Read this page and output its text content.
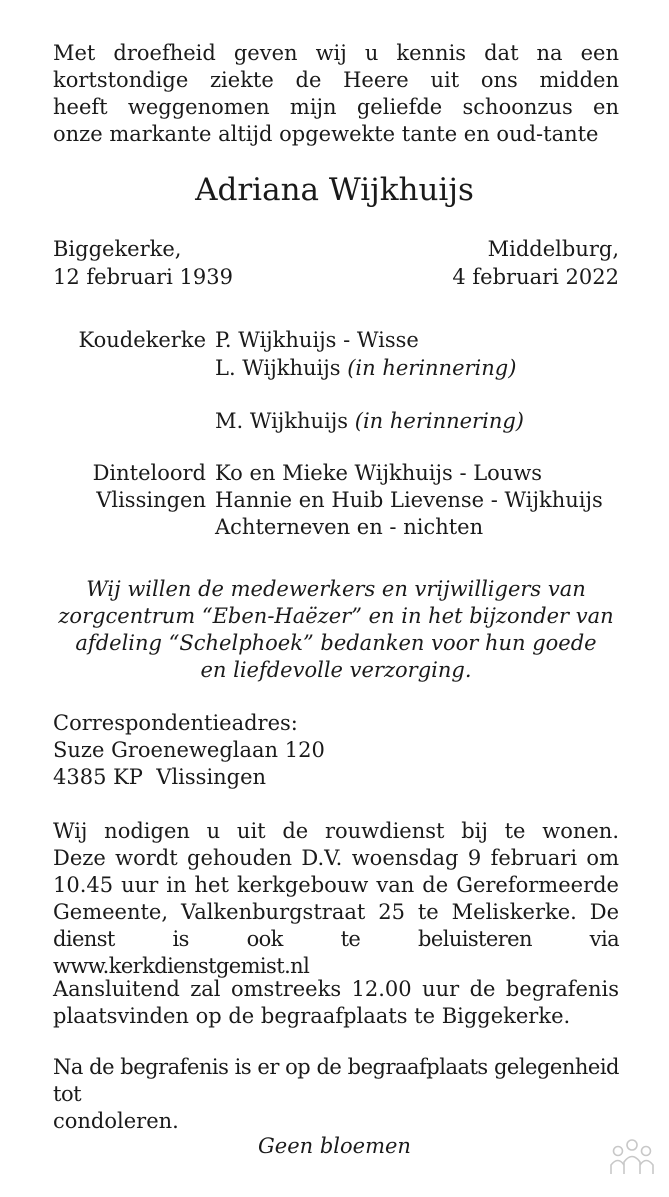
Met droefheid geven wij u kennis dat na een
kortstondige ziekte de Heere uit ons midden
heeft weggenomen mijn geliefde schoonzus en
onze markante altijd opgewekte tante en oud-tante

Adriana Wijkhuijs
Biggekerke,
12 februari 1939
Middelburg,
4 februari 2022
Koudekerke P. Wijkhuijs - Wisse
L. Wijkhuijs (in herinnering)
M. Wijkhuijs (in herinnering)
Dinteloord Ko en Mieke Wijkhuijs - Louws
Vlissingen Hannie en Huib Lievense - Wijkhuijs
Achterneven en - nichten

Wij willen de medewerkers en vrijwilligers van
zorgcentrum “Eben-Haëzer” en in het bijzonder van
afdeling “Schelphoek” bedanken voor hun goede
en liefdevolle verzorging.

Correspondentieadres:
Suze Groeneweglaan 120
4385 KP  Vlissingen

Wij nodigen u uit de rouwdienst bij te wonen.
Deze wordt gehouden D.V. woensdag 9 februari om
10.45 uur in het kerkgebouw van de Gereformeerde
Gemeente, Valkenburgstraat 25 te Meliskerke. De
dienst is ook te beluisteren via www.kerkdienstgemist.nl

Aansluitend zal omstreeks 12.00 uur de begrafenis
plaatsvinden op de begraafplaats te Biggekerke.

Na de begrafenis is er op de begraafplaats gelegenheid tot
condoleren.

Geen bloemen
